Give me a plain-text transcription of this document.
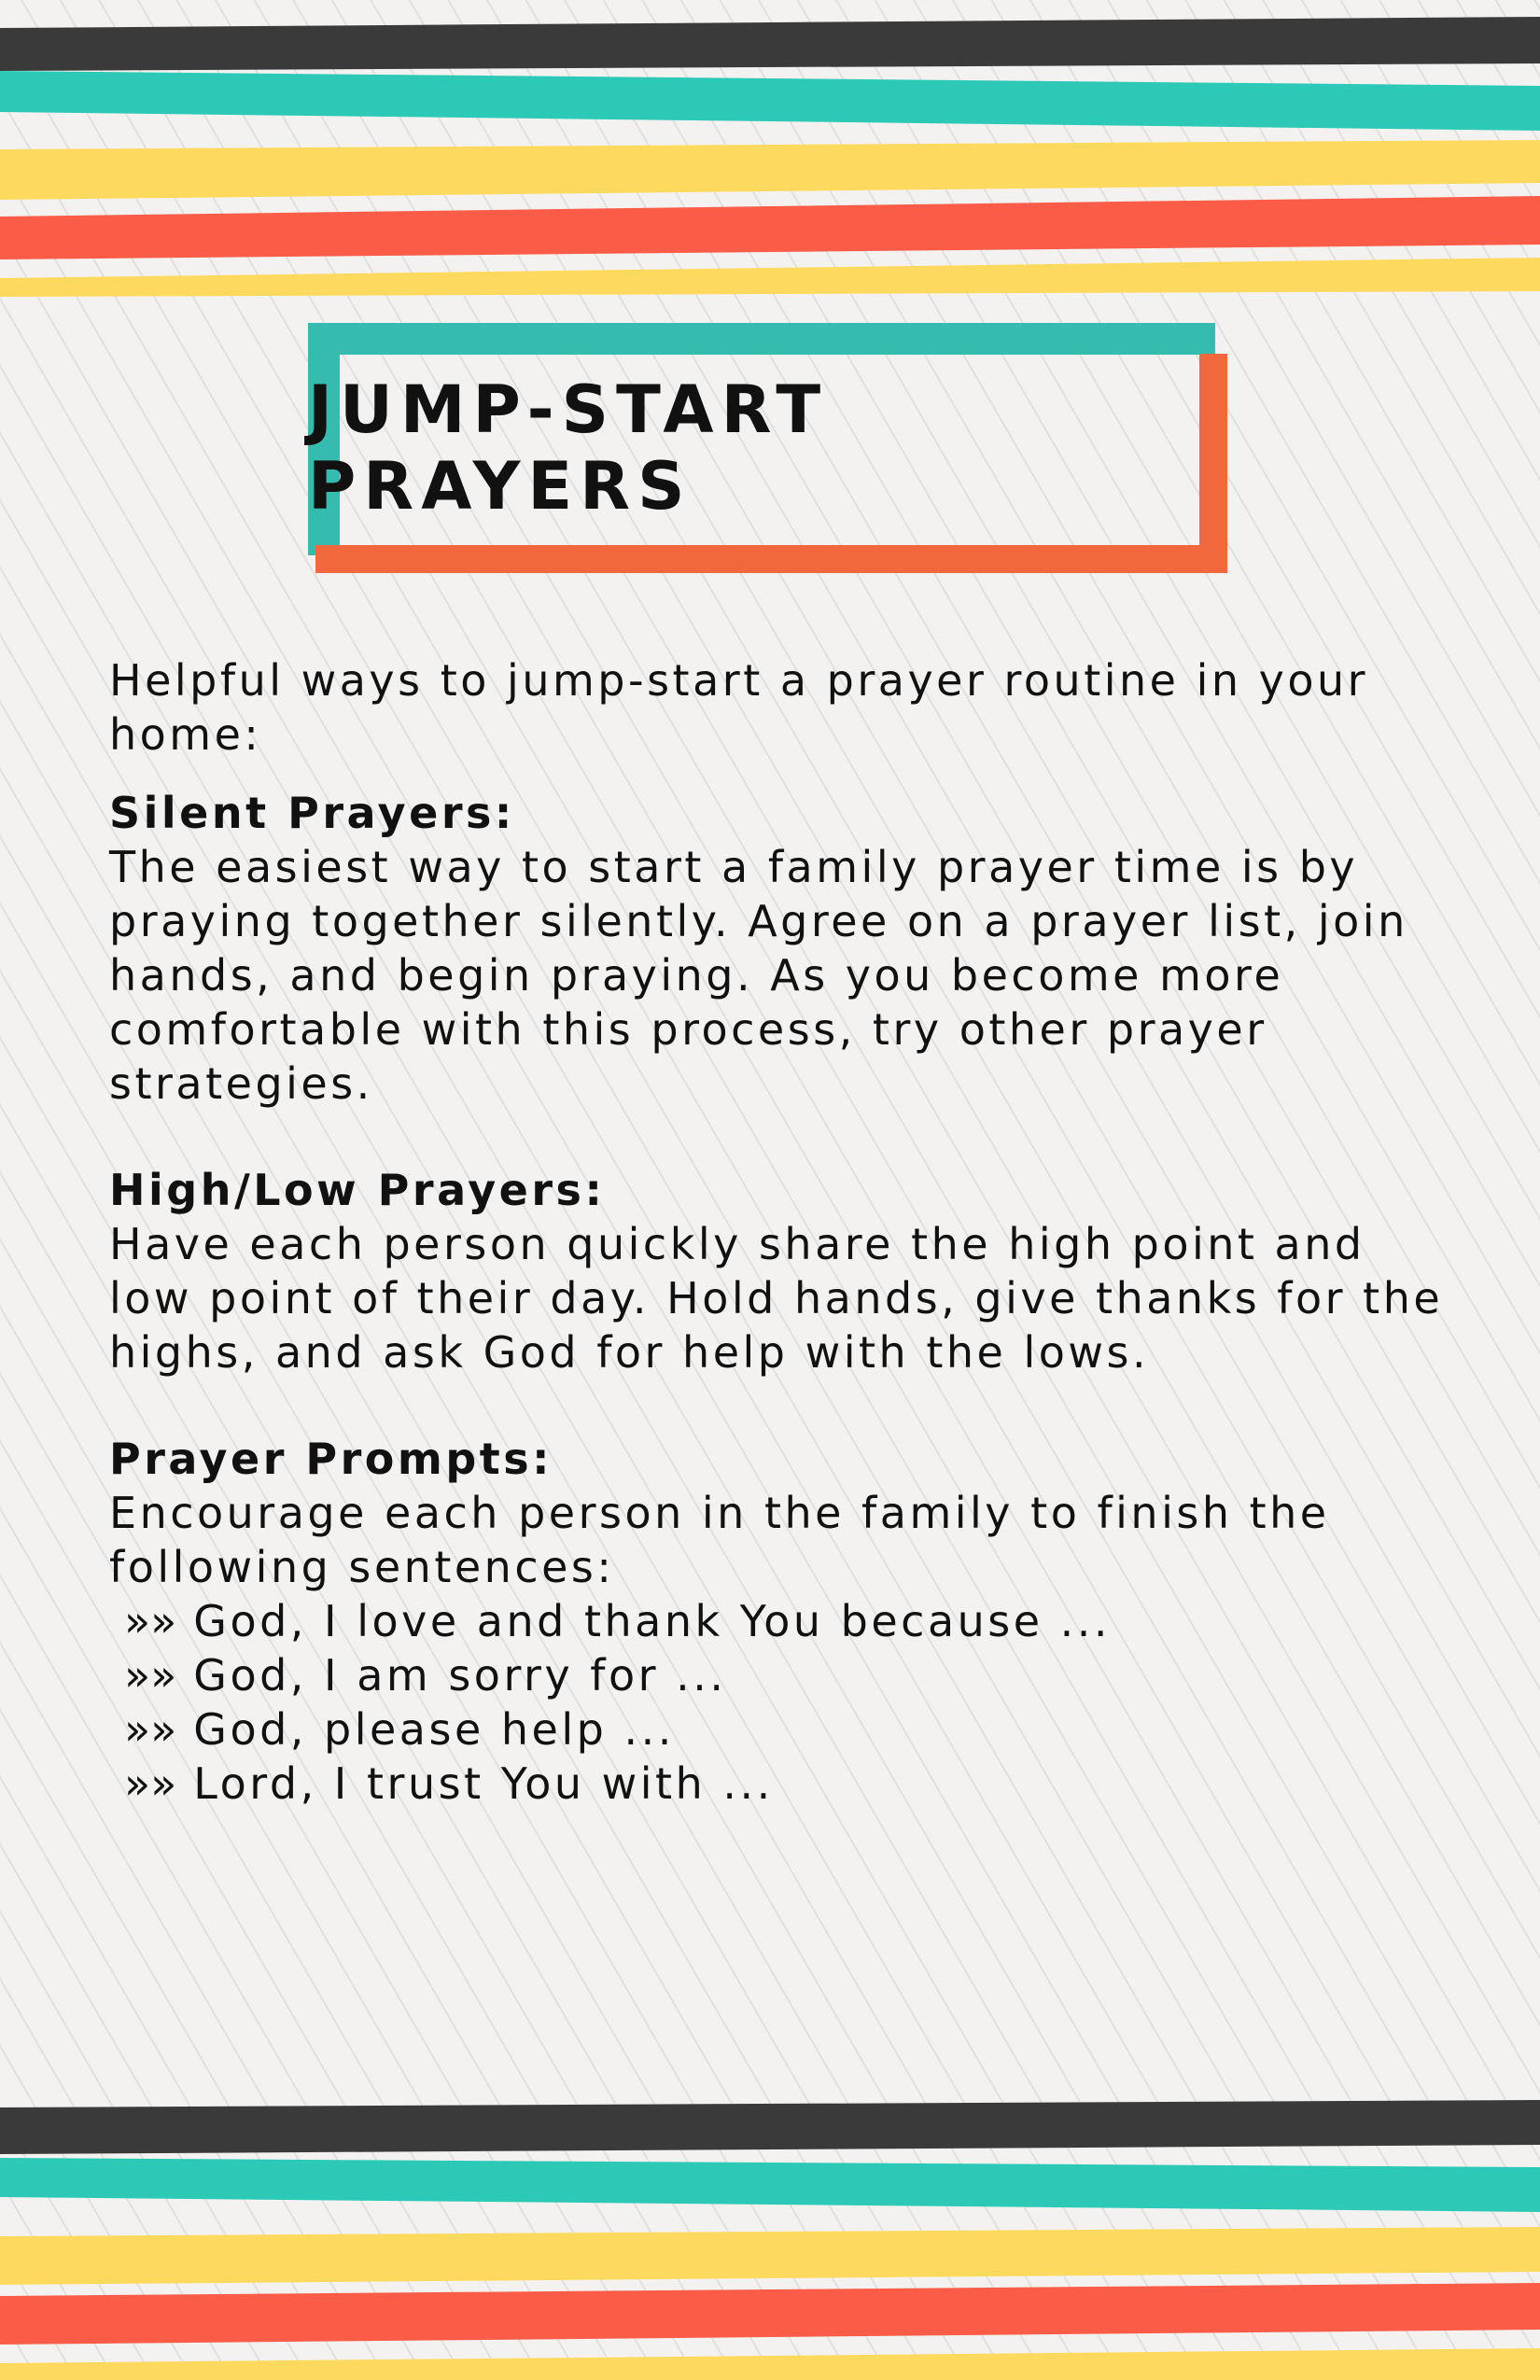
JUMP-START PRAYERS

Helpful ways to jump-start a prayer routine in your home:

Silent Prayers:

The easiest way to start a family prayer time is by praying together silently. Agree on a prayer list, join hands, and begin praying. As you become more comfortable with this process, try other prayer strategies.

High/Low Prayers:

Have each person quickly share the high point and low point of their day. Hold hands, give thanks for the highs, and ask God for help with the lows.

Prayer Prompts:

Encourage each person in the family to finish the following sentences:

»» God, I love and thank You because ...
»» God, I am sorry for ...
»» God, please help ...
»» Lord, I trust You with ...
